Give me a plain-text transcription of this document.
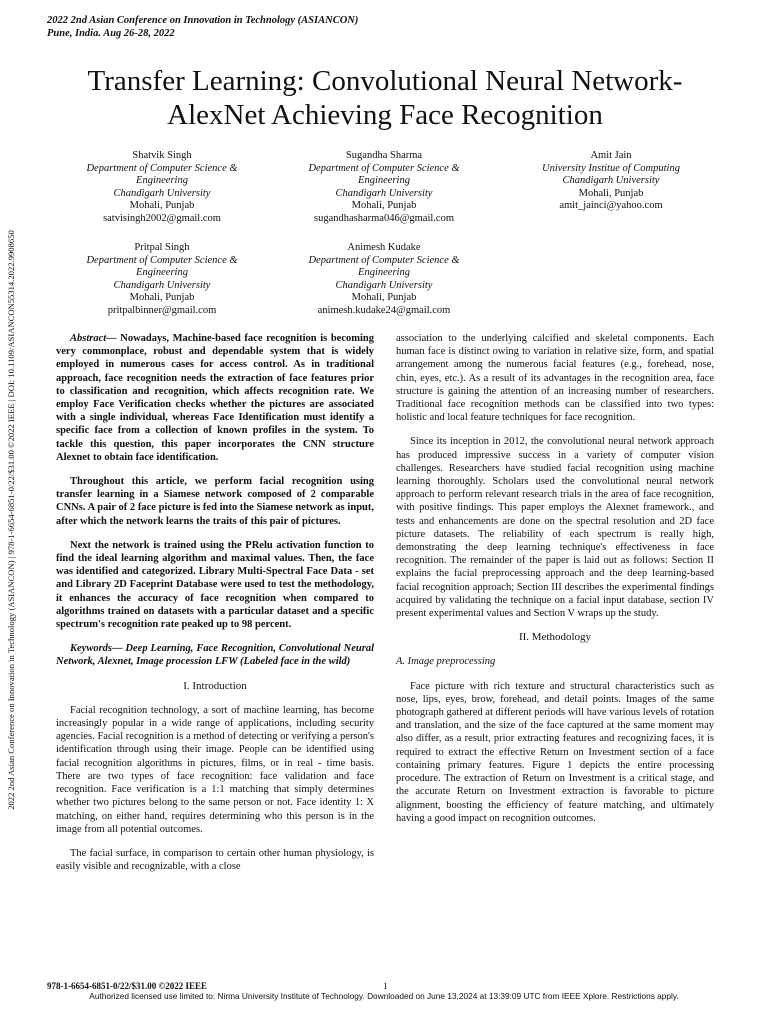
2022 2nd Asian Conference on Innovation in Technology (ASIANCON)
Pune, India. Aug 26-28, 2022
Transfer Learning: Convolutional Neural Network-
AlexNet Achieving Face Recognition
Shatvik Singh
Department of Computer Science &
Engineering
Chandigarh University
Mohali, Punjab
satvisingh2002@gmail.com
Sugandha Sharma
Department of Computer Science &
Engineering
Chandigarh University
Mohali, Punjab
sugandhasharma046@gmail.com
Amit Jain
University Institue of Computing
Chandigarh University
Mohali, Punjab
amit_jainci@yahoo.com
Pritpal Singh
Department of Computer Science &
Engineering
Chandigarh University
Mohali, Punjab
pritpalbinner@gmail.com
Animesh Kudake
Department of Computer Science &
Engineering
Chandigarh University
Mohali, Punjab
animesh.kudake24@gmail.com
2022 2nd Asian Conference on Innovation in Technology (ASIANCON) | 978-1-6654-6851-0/22/$31.00 ©2022 IEEE | DOI: 10.1109/ASIANCON55314.2022.9908650	Abstract— Nowadays, Machine-based face recognition is becoming very commonplace, robust and dependable system that is widely employed in numerous cases for access control. As in traditional approach, face recognition needs the extraction of face features prior to classification and recognition, which affects recognition rate. We employ Face Verification checks whether the pictures are associated with a single individual, whereas Face Identification must identify a specific face from a collection of known profiles in the system. To tackle this question, this paper incorporates the CNN structure Alexnet to obtain face identification.

Throughout this article, we perform facial recognition using transfer learning in a Siamese network composed of 2 comparable CNNs. A pair of 2 face picture is fed into the Siamese network as input, after which the network learns the traits of this pair of pictures.

Next the network is trained using the PRelu activation function to find the ideal learning algorithm and maximal values. Then, the face was identified and categorized. Library Multi-Spectral Face Data - set and Library 2D Faceprint Database were used to test the methodology, it enhances the accuracy of face recognition when compared to algorithms trained on datasets with a particular dataset and a specific spectrum's recognition rate peaked up to 98 percent.

Keywords— Deep Learning, Face Recognition, Convolutional Neural Network, Alexnet, Image procession LFW (Labeled face in the wild)

I. Introduction

Facial recognition technology, a sort of machine learning, has become increasingly popular in a wide range of applications, including security agencies. Facial recognition is a method of detecting or verifying a person's identification through using their image. People can be identified using facial recognition algorithms in pictures, films, or in real - time basis. There are two types of face recognition: face validation and face recognition. Face verification is a 1:1 matching that simply determines whether two pictures belong to the same person or not. Face identity 1: X matching, on either hand, requires determining who this person is in the image from all potential outcomes.

The facial surface, in comparison to certain other human physiology, is easily visible and recognizable, with a close

association to the underlying calcified and skeletal components. Each human face is distinct owing to variation in relative size, form, and spatial arrangement among the numerous facial features (e.g., forehead, nose, chin, eyes, etc.). As a result of its advantages in the recognition area, face structure is gaining the attention of an increasing number of researchers. Traditional face recognition methods can be classified into two types: holistic and local feature techniques for face recognition.

Since its inception in 2012, the convolutional neural network approach has produced impressive success in a variety of computer vision challenges. Researchers have studied facial recognition using machine learning thoroughly. Scholars used the convolutional neural network approach to perform relevant research trials in the area of face recognition, with positive findings. This paper employs the Alexnet framework., and tests and enhancements are done on the spectral resolution and 2D face picture datasets. The reliability of each spectrum is really high, demonstrating the deep learning technique's effectiveness in face recognition. The remainder of the paper is laid out as follows: Section II explains the facial preprocessing approach and the deep learning-based facial recognition approach; Section III describes the experimental findings acquired by validating the technique on a facial input database, section IV present experimental values and Section V wraps up the study.

II. Methodology

A. Image preprocessing

Face picture with rich texture and structural characteristics such as nose, lips, eyes, brow, forehead, and detail points. Images of the same photograph gathered at different periods will have various levels of rotation and translation, and the size of the face captured at the same moment may also differ, as a result, prior extracting features and recognizing faces, it is required to extract the effective Return on Investment section of a face containing primary features. Figure 1 depicts the entire processing procedure. The extraction of Return on Investment is a critical stage, and the accurate Return on Investment extraction is favorable to picture alignment, boosting the efficiency of feature matching, and ultimately having a good impact on recognition outcomes.

978-1-6654-6851-0/22/$31.00 ©2022 IEEE	1
Authorized licensed use limited to: Nirma University Institute of Technology. Downloaded on June 13,2024 at 13:39:09 UTC from IEEE Xplore. Restrictions apply.
